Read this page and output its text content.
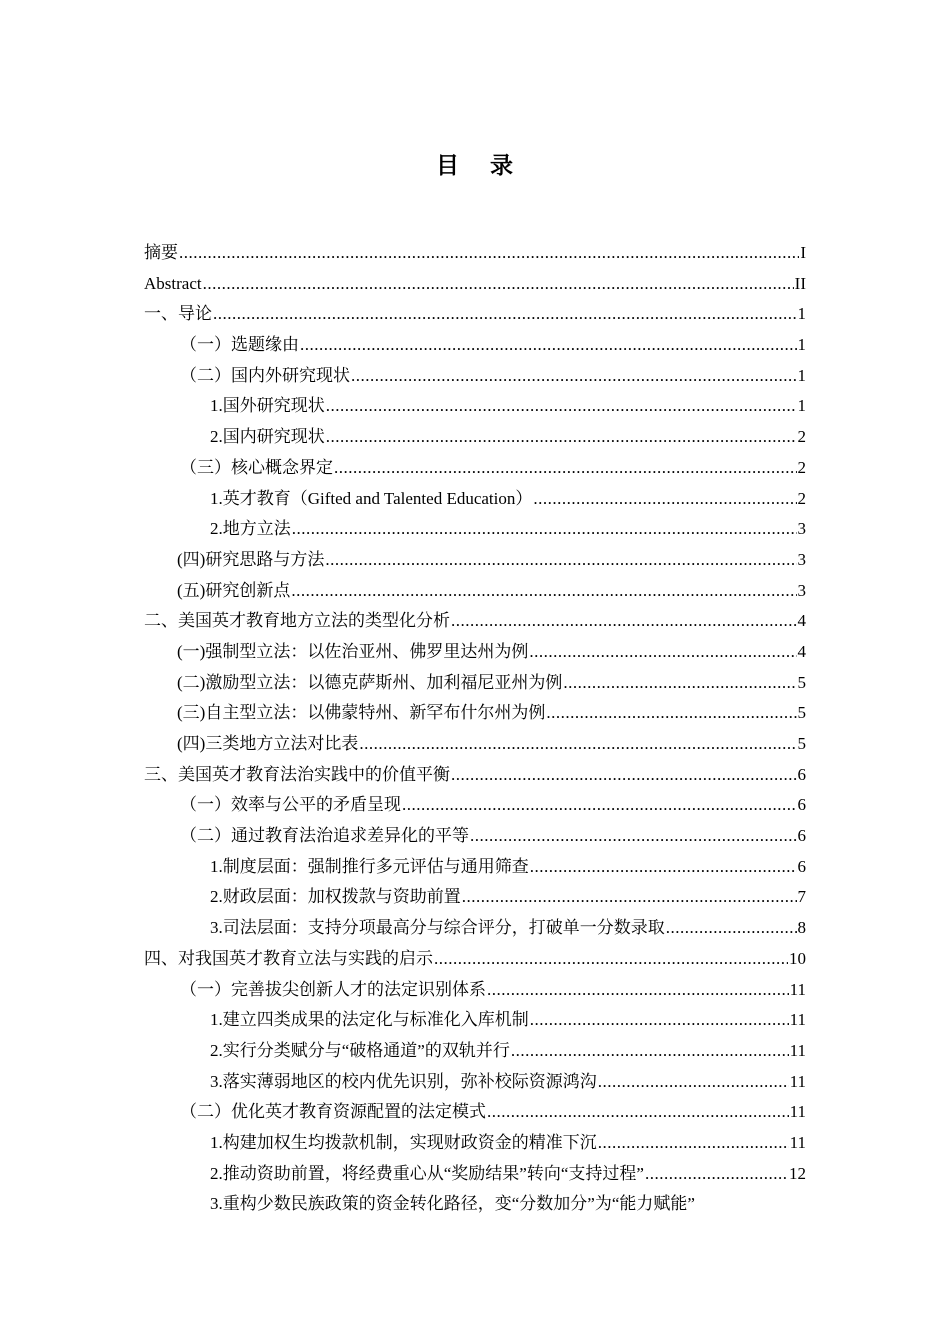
目 录
摘要 .....	I
Abstract .....	II
一、导论 .....	1
（一）选题缘由 .....	1
（二）国内外研究现状 .....	1
1.国外研究现状 .....	1
2.国内研究现状 .....	2
（三）核心概念界定 .....	2
1.英才教育（Gifted and Talented Education） .....	2
2.地方立法 .....	3
(四)研究思路与方法 .....	3
(五)研究创新点 .....	3
二、美国英才教育地方立法的类型化分析 .....	4
(一)强制型立法：以佐治亚州、佛罗里达州为例 .....	4
(二)激励型立法：以德克萨斯州、加利福尼亚州为例 .....	5
(三)自主型立法：以佛蒙特州、新罕布什尔州为例 .....	5
(四)三类地方立法对比表 .....	5
三、美国英才教育法治实践中的价值平衡 .....	6
（一）效率与公平的矛盾呈现 .....	6
（二）通过教育法治追求差异化的平等 .....	6
1.制度层面：强制推行多元评估与通用筛查 .....	6
2.财政层面：加权拨款与资助前置 .....	7
3.司法层面：支持分项最高分与综合评分，打破单一分数录取 .....	8
四、对我国英才教育立法与实践的启示 .....	10
（一）完善拔尖创新人才的法定识别体系 .....	11
1.建立四类成果的法定化与标准化入库机制 .....	11
2.实行分类赋分与“破格通道”的双轨并行 .....	11
3.落实薄弱地区的校内优先识别，弥补校际资源鸿沟 .....	11
（二）优化英才教育资源配置的法定模式 .....	11
1.构建加权生均拨款机制，实现财政资金的精准下沉 .....	11
2.推动资助前置，将经费重心从“奖励结果”转向“支持过程” .....	12
3.重构少数民族政策的资金转化路径，变“分数加分”为“能力赋能”
